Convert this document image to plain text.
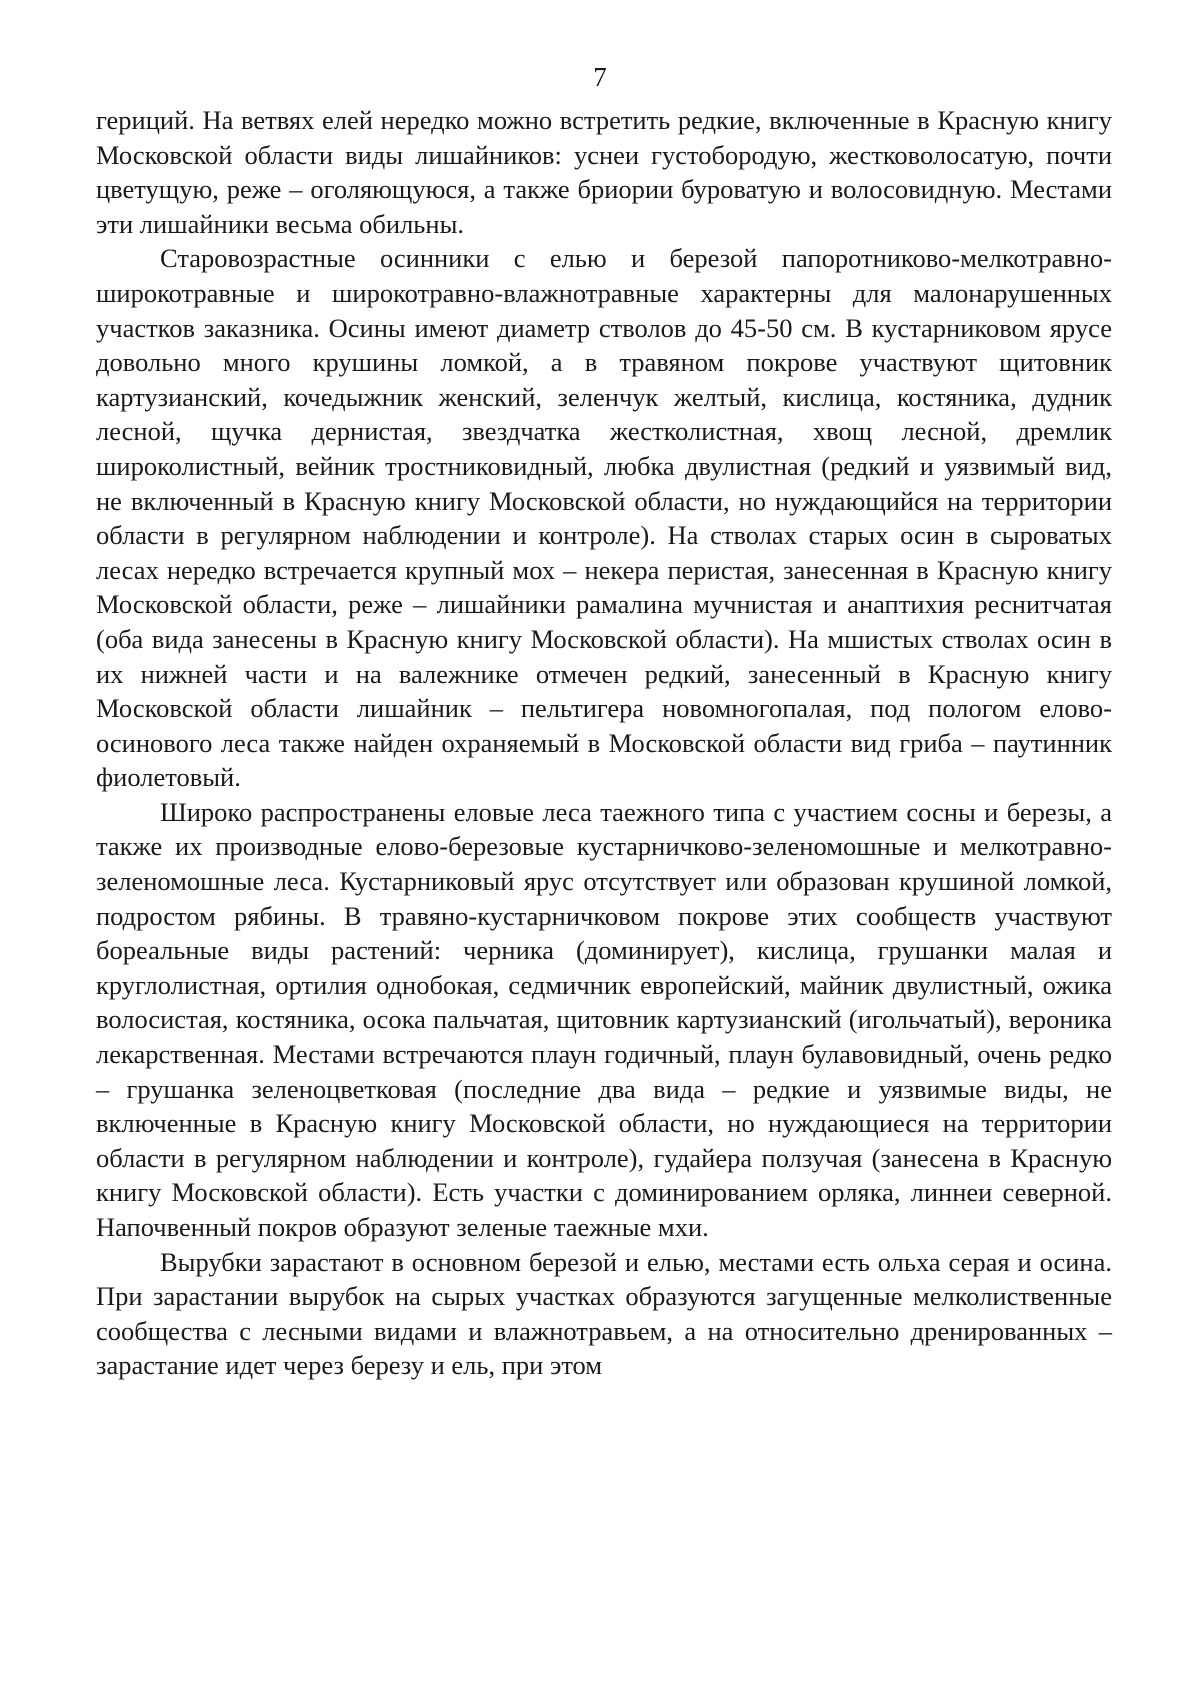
7

гериций. На ветвях елей нередко можно встретить редкие, включенные в Красную книгу Московской области виды лишайников: уснеи густобородую, жестковолосатую, почти цветущую, реже – оголяющуюся, а также бриории буроватую и волосовидную. Местами эти лишайники весьма обильны.

Старовозрастные осинники с елью и березой папоротниково-мелкотравно-широкотравные и широкотравно-влажнотравные характерны для малонарушенных участков заказника. Осины имеют диаметр стволов до 45-50 см. В кустарниковом ярусе довольно много крушины ломкой, а в травяном покрове участвуют щитовник картузианский, кочедыжник женский, зеленчук желтый, кислица, костяника, дудник лесной, щучка дернистая, звездчатка жестколистная, хвощ лесной, дремлик широколистный, вейник тростниковидный, любка двулистная (редкий и уязвимый вид, не включенный в Красную книгу Московской области, но нуждающийся на территории области в регулярном наблюдении и контроле). На стволах старых осин в сыроватых лесах нередко встречается крупный мох – некера перистая, занесенная в Красную книгу Московской области, реже – лишайники рамалина мучнистая и анаптихия реснитчатая (оба вида занесены в Красную книгу Московской области). На мшистых стволах осин в их нижней части и на валежнике отмечен редкий, занесенный в Красную книгу Московской области лишайник – пельтигера новомногопалая, под пологом елово-осинового леса также найден охраняемый в Московской области вид гриба – паутинник фиолетовый.

Широко распространены еловые леса таежного типа с участием сосны и березы, а также их производные елово-березовые кустарничково-зеленомошные и мелкотравно-зеленомошные леса. Кустарниковый ярус отсутствует или образован крушиной ломкой, подростом рябины. В травяно-кустарничковом покрове этих сообществ участвуют бореальные виды растений: черника (доминирует), кислица, грушанки малая и круглолистная, ортилия однобокая, седмичник европейский, майник двулистный, ожика волосистая, костяника, осока пальчатая, щитовник картузианский (игольчатый), вероника лекарственная. Местами встречаются плаун годичный, плаун булавовидный, очень редко – грушанка зеленоцветковая (последние два вида – редкие и уязвимые виды, не включенные в Красную книгу Московской области, но нуждающиеся на территории области в регулярном наблюдении и контроле), гудайера ползучая (занесена в Красную книгу Московской области). Есть участки с доминированием орляка, линнеи северной. Напочвенный покров образуют зеленые таежные мхи.

Вырубки зарастают в основном березой и елью, местами есть ольха серая и осина. При зарастании вырубок на сырых участках образуются загущенные мелколиственные сообщества с лесными видами и влажнотравьем, а на относительно дренированных – зарастание идет через березу и ель, при этом
